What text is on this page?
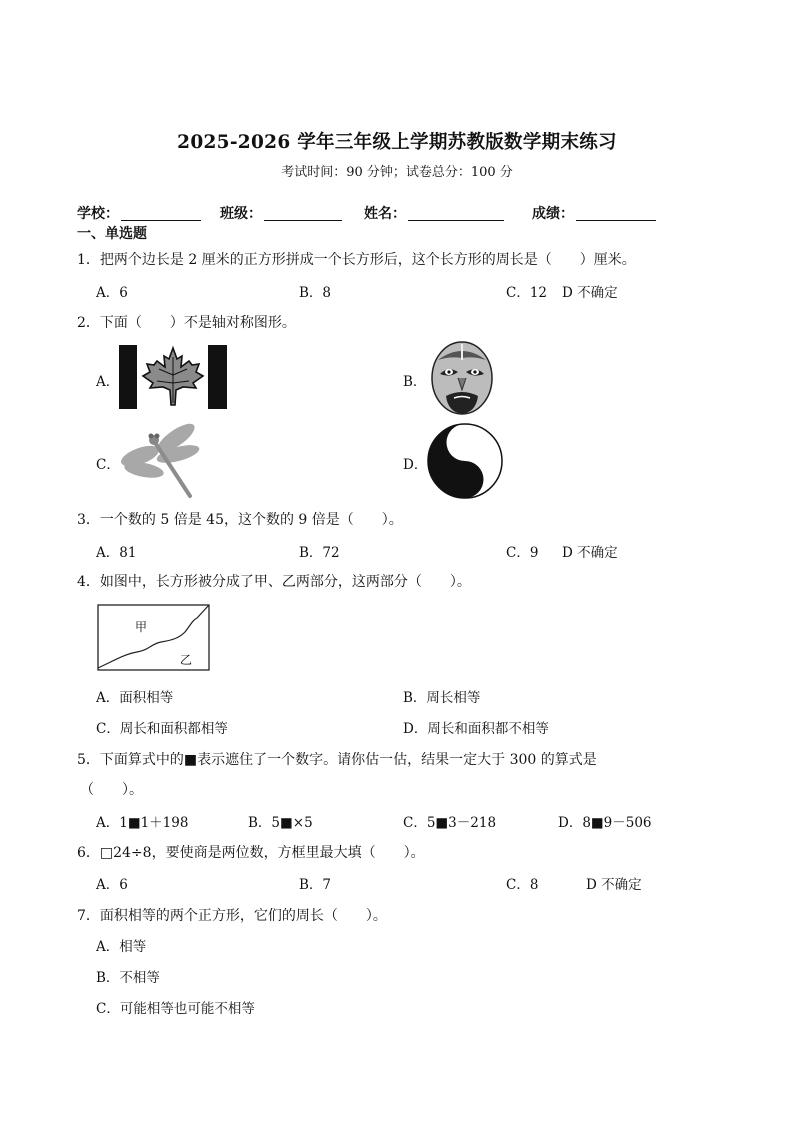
2025-2026 学年三年级上学期苏教版数学期末练习
考试时间：90 分钟；试卷总分：100 分
学校：	班级：	姓名：	成绩：
一、单选题
1．把两个边长是 2 厘米的正方形拼成一个长方形后，这个长方形的周长是（　　）厘米。
A．6	B．8	C．12 D 不确定
2．下面（　　）不是轴对称图形。
A．	B．
C．	D．
3．一个数的 5 倍是 45，这个数的 9 倍是（　　）。
A．81	B．72	C．9 D 不确定
4．如图中，长方形被分成了甲、乙两部分，这两部分（　　）。
甲
乙
A．面积相等	B．周长相等
C．周长和面积都相等	D．周长和面积都不相等
5．下面算式中的■表示遮住了一个数字。请你估一估，结果一定大于 300 的算式是
（　　）。
A．1■1＋198	B．5■×5	C．5■3－218	D．8■9－506
6．□24÷8，要使商是两位数，方框里最大填（　　）。
A．6	B．7	C．8	D 不确定
7．面积相等的两个正方形，它们的周长（　　）。
A．相等
B．不相等
C．可能相等也可能不相等
